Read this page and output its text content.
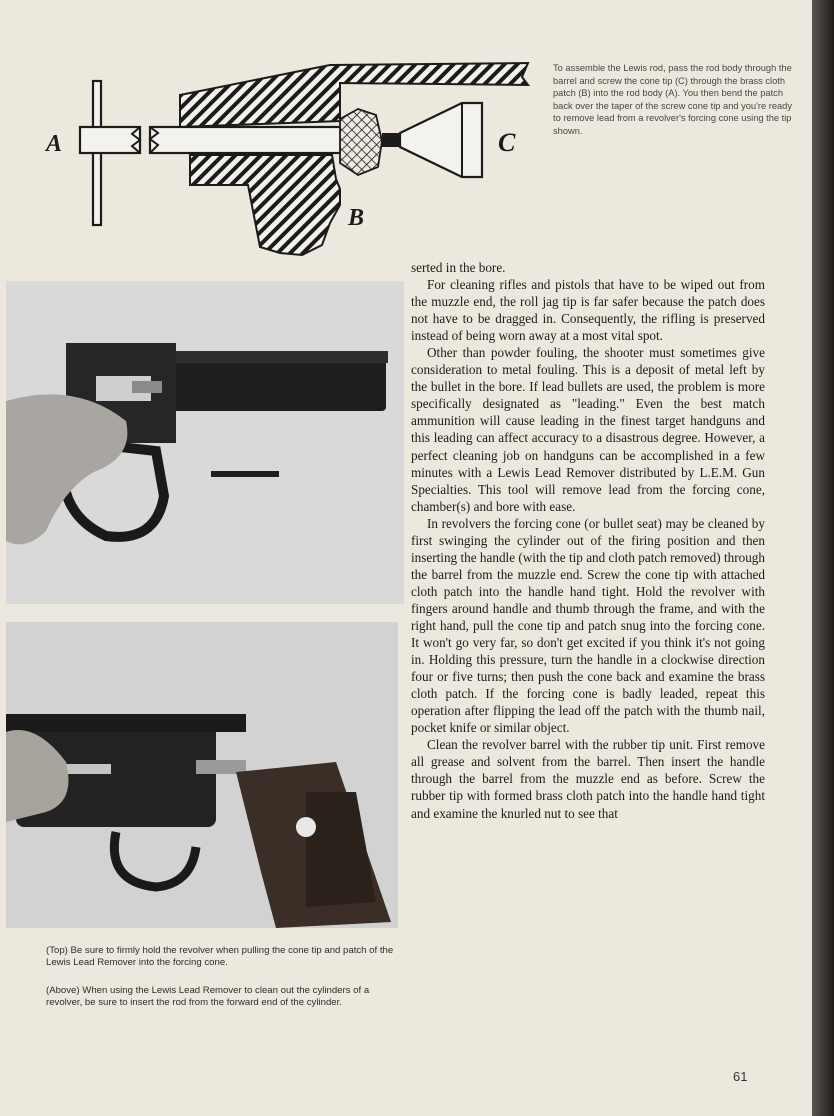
A
B
C
To assemble the Lewis rod, pass the rod body through the barrel and screw the cone tip (C) through the brass cloth patch (B) into the rod body (A). You then bend the patch back over the taper of the screw cone tip and you're ready to remove lead from a revolver's forcing cone using the tip shown.

(Top) Be sure to firmly hold the revolver when pulling the cone tip and patch of the Lewis Lead Remover into the forcing cone.

(Above) When using the Lewis Lead Remover to clean out the cylinders of a revolver, be sure to insert the rod from the forward end of the cylinder.

serted in the bore.

For cleaning rifles and pistols that have to be wiped out from the muzzle end, the roll jag tip is far safer because the patch does not have to be dragged in. Consequently, the rifling is preserved instead of being worn away at a most vital spot.

Other than powder fouling, the shooter must sometimes give consideration to metal fouling. This is a deposit of metal left by the bullet in the bore. If lead bullets are used, the problem is more specifically designated as "leading." Even the best match ammunition will cause leading in the finest target handguns and this leading can affect accuracy to a disastrous degree. However, a perfect cleaning job on handguns can be accomplished in a few minutes with a Lewis Lead Remover distributed by L.E.M. Gun Specialties. This tool will remove lead from the forcing cone, chamber(s) and bore with ease.

In revolvers the forcing cone (or bullet seat) may be cleaned by first swinging the cylinder out of the firing position and then inserting the handle (with the tip and cloth patch removed) through the barrel from the muzzle end. Screw the cone tip with attached cloth patch into the handle hand tight. Hold the revolver with fingers around handle and thumb through the frame, and with the right hand, pull the cone tip and patch snug into the forcing cone. It won't go very far, so don't get excited if you think it's not going in. Holding this pressure, turn the handle in a clockwise direction four or five turns; then push the cone back and examine the brass cloth patch. If the forcing cone is badly leaded, repeat this operation after flipping the lead off the patch with the thumb nail, pocket knife or similar object.

Clean the revolver barrel with the rubber tip unit. First remove all grease and solvent from the barrel. Then insert the handle through the barrel from the muzzle end as before. Screw the rubber tip with formed brass cloth patch into the handle hand tight and examine the knurled nut to see that

61
